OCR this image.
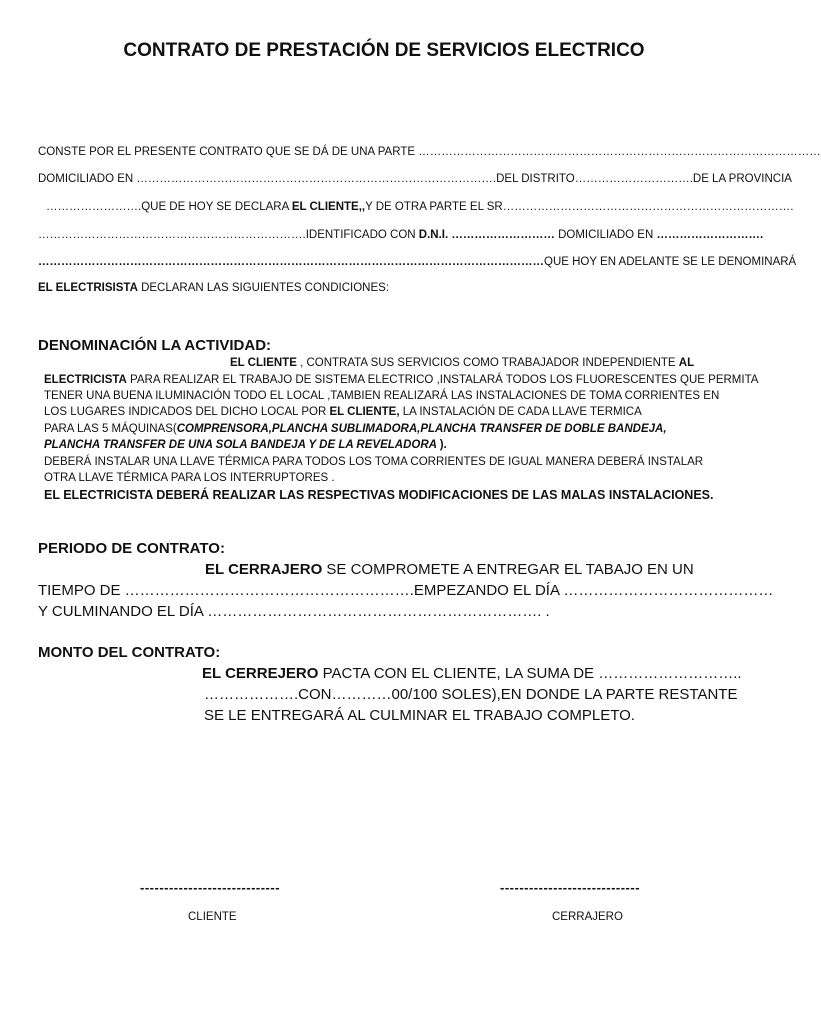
CONTRATO DE PRESTACIÓN DE SERVICIOS ELECTRICO
CONSTE POR EL PRESENTE CONTRATO QUE SE DÁ DE UNA PARTE ……………………………………………………………………………………………
DOMICILIADO EN ………………………………………………………………………………….DEL DISTRITO………………………….DE LA PROVINCIA
…………………….QUE DE HOY SE DECLARA EL CLIENTE,,Y DE OTRA PARTE EL SR………………………………………………………………….
…………………………………………………………….IDENTIFICADO CON D.N.I. ……………………… DOMICILIADO EN ……………………….
……………………………………………………………………………………………………………………QUE HOY EN ADELANTE SE LE DENOMINARÁ
EL ELECTRISISTA DECLARAN LAS SIGUIENTES CONDICIONES:
DENOMINACIÓN LA ACTIVIDAD:
EL CLIENTE , CONTRATA SUS SERVICIOS COMO TRABAJADOR INDEPENDIENTE AL
ELECTRICISTA PARA REALIZAR EL TRABAJO DE SISTEMA ELECTRICO ,INSTALARÁ TODOS LOS FLUORESCENTES QUE PERMITA
TENER UNA BUENA ILUMINACIÓN TODO EL LOCAL ,TAMBIEN REALIZARÁ LAS INSTALACIONES DE TOMA CORRIENTES EN
LOS LUGARES INDICADOS DEL DICHO LOCAL POR EL CLIENTE, LA INSTALACIÓN DE CADA LLAVE TERMICA
PARA LAS 5 MÁQUINAS(COMPRENSORA,PLANCHA SUBLIMADORA,PLANCHA TRANSFER DE DOBLE BANDEJA,
PLANCHA TRANSFER DE UNA SOLA BANDEJA Y DE LA REVELADORA ).
DEBERÁ INSTALAR UNA LLAVE TÉRMICA PARA TODOS LOS TOMA CORRIENTES DE IGUAL MANERA DEBERÁ INSTALAR
OTRA LLAVE TÉRMICA PARA LOS INTERRUPTORES .
EL ELECTRICISTA DEBERÁ REALIZAR LAS RESPECTIVAS MODIFICACIONES DE LAS MALAS INSTALACIONES.
PERIODO DE CONTRATO:
EL CERRAJERO SE COMPROMETE A ENTREGAR EL TABAJO EN UN
TIEMPO DE ………………………………………………….EMPEZANDO EL DÍA ……………………………………
Y CULMINANDO EL DÍA …………………………………………………………. .
MONTO DEL CONTRATO:
EL CERREJERO PACTA CON EL CLIENTE, LA SUMA DE ………………………..
……………….CON…………00/100 SOLES),EN DONDE LA PARTE RESTANTE
SE LE ENTREGARÁ AL CULMINAR EL TRABAJO COMPLETO.
-----------------------------	-----------------------------
CLIENTE	CERRAJERO
